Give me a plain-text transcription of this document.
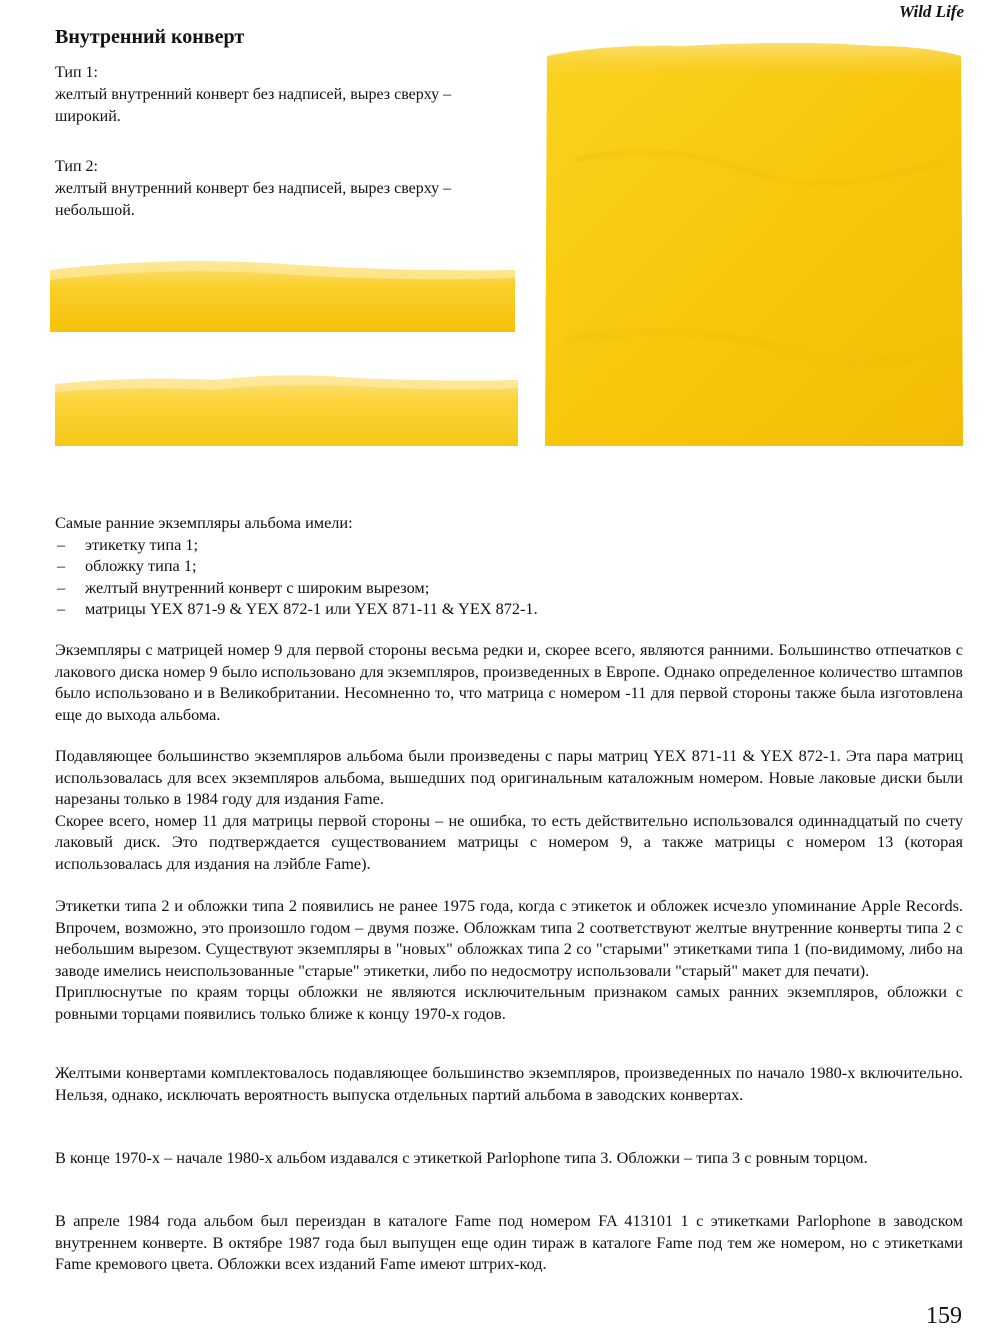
Wild Life
Внутренний конверт

Тип 1:

желтый внутренний конверт без надписей, вырез сверху – широкий.

Тип 2:

желтый внутренний конверт без надписей, вырез сверху – небольшой.

Самые ранние экземпляры альбома имели:

– этикетку типа 1;
– обложку типа 1;
– желтый внутренний конверт с широким вырезом;
– матрицы YEX 871-9 & YEX 872-1 или YEX 871-11 & YEX 872-1.

Экземпляры с матрицей номер 9 для первой стороны весьма редки и, скорее всего, являются ранними. Большинство отпечатков с лакового диска номер 9 было использовано для экземпляров, произведенных в Европе. Однако определенное количество штампов было использовано и в Великобритании. Несомненно то, что матрица с номером -11 для первой стороны также была изготовлена еще до выхода альбома.

Подавляющее большинство экземпляров альбома были произведены с пары матриц YEX 871-11 & YEX 872-1. Эта пара матриц использовалась для всех экземпляров альбома, вышедших под оригинальным каталожным номером. Новые лаковые диски были нарезаны только в 1984 году для издания Fame.

Скорее всего, номер 11 для матрицы первой стороны – не ошибка, то есть действительно использовался одиннадцатый по счету лаковый диск. Это подтверждается существованием матрицы с номером 9, а также матрицы с номером 13 (которая использовалась для издания на лэйбле Fame).

Этикетки типа 2 и обложки типа 2 появились не ранее 1975 года, когда с этикеток и обложек исчезло упоминание Apple Records. Впрочем, возможно, это произошло годом – двумя позже. Обложкам типа 2 соответствуют желтые внутренние конверты типа 2 с небольшим вырезом. Существуют экземпляры в "новых" обложках типа 2 со "старыми" этикетками типа 1 (по-видимому, либо на заводе имелись неиспользованные "старые" этикетки, либо по недосмотру использовали "старый" макет для печати).

Приплюснутые по краям торцы обложки не являются исключительным признаком самых ранних экземпляров, обложки с ровными торцами появились только ближе к концу 1970-х годов.

Желтыми конвертами комплектовалось подавляющее большинство экземпляров, произведенных по начало 1980-х включительно. Нельзя, однако, исключать вероятность выпуска отдельных партий альбома в заводских конвертах.

В конце 1970-х – начале 1980-х альбом издавался с этикеткой Parlophone типа 3. Обложки – типа 3 с ровным торцом.

В апреле 1984 года альбом был переиздан в каталоге Fame под номером FA 413101 1 с этикетками Parlophone в заводском внутреннем конверте. В октябре 1987 года был выпущен еще один тираж в каталоге Fame под тем же номером, но с этикетками Fame кремового цвета. Обложки всех изданий Fame имеют штрих-код.

159
